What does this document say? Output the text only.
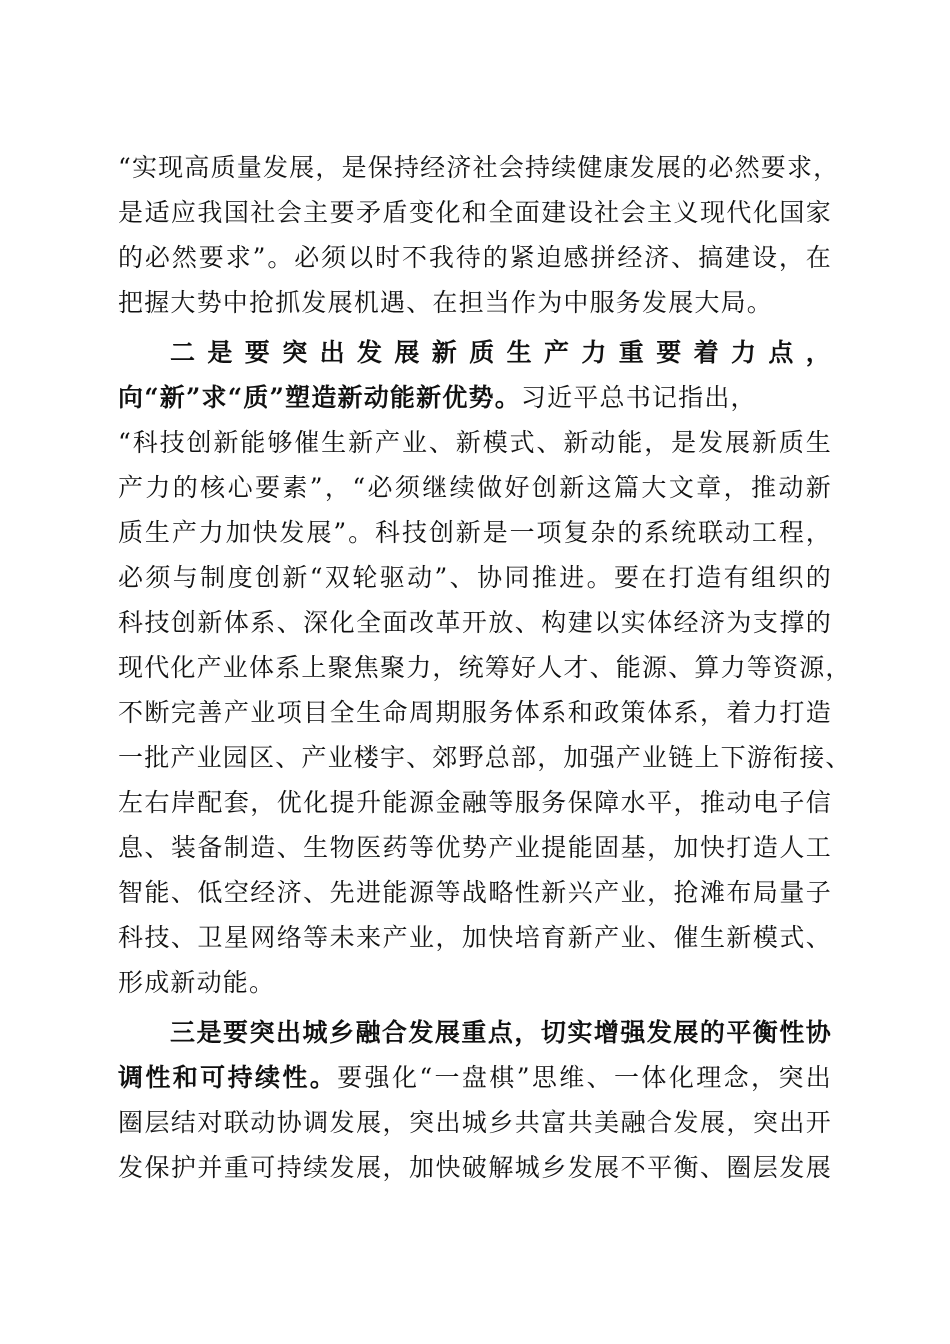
“实现高质量发展，是保持经济社会持续健康发展的必然要求，
是适应我国社会主要矛盾变化和全面建设社会主义现代化国家
的必然要求”。必须以时不我待的紧迫感拼经济、搞建设，在
把握大势中抢抓发展机遇、在担当作为中服务发展大局。
二是要突出发展新质生产力重要着力点，
向“新”求“质”塑造新动能新优势。习近平总书记指出，
“科技创新能够催生新产业、新模式、新动能，是发展新质生
产力的核心要素”，“必须继续做好创新这篇大文章，推动新
质生产力加快发展”。科技创新是一项复杂的系统联动工程，
必须与制度创新“双轮驱动”、协同推进。要在打造有组织的
科技创新体系、深化全面改革开放、构建以实体经济为支撑的
现代化产业体系上聚焦聚力，统筹好人才、能源、算力等资源，
不断完善产业项目全生命周期服务体系和政策体系，着力打造
一批产业园区、产业楼宇、郊野总部，加强产业链上下游衔接、
左右岸配套，优化提升能源金融等服务保障水平，推动电子信
息、装备制造、生物医药等优势产业提能固基，加快打造人工
智能、低空经济、先进能源等战略性新兴产业，抢滩布局量子
科技、卫星网络等未来产业，加快培育新产业、催生新模式、
形成新动能。
三是要突出城乡融合发展重点，切实增强发展的平衡性协
调性和可持续性。要强化“一盘棋”思维、一体化理念，突出
圈层结对联动协调发展，突出城乡共富共美融合发展，突出开
发保护并重可持续发展，加快破解城乡发展不平衡、圈层发展
